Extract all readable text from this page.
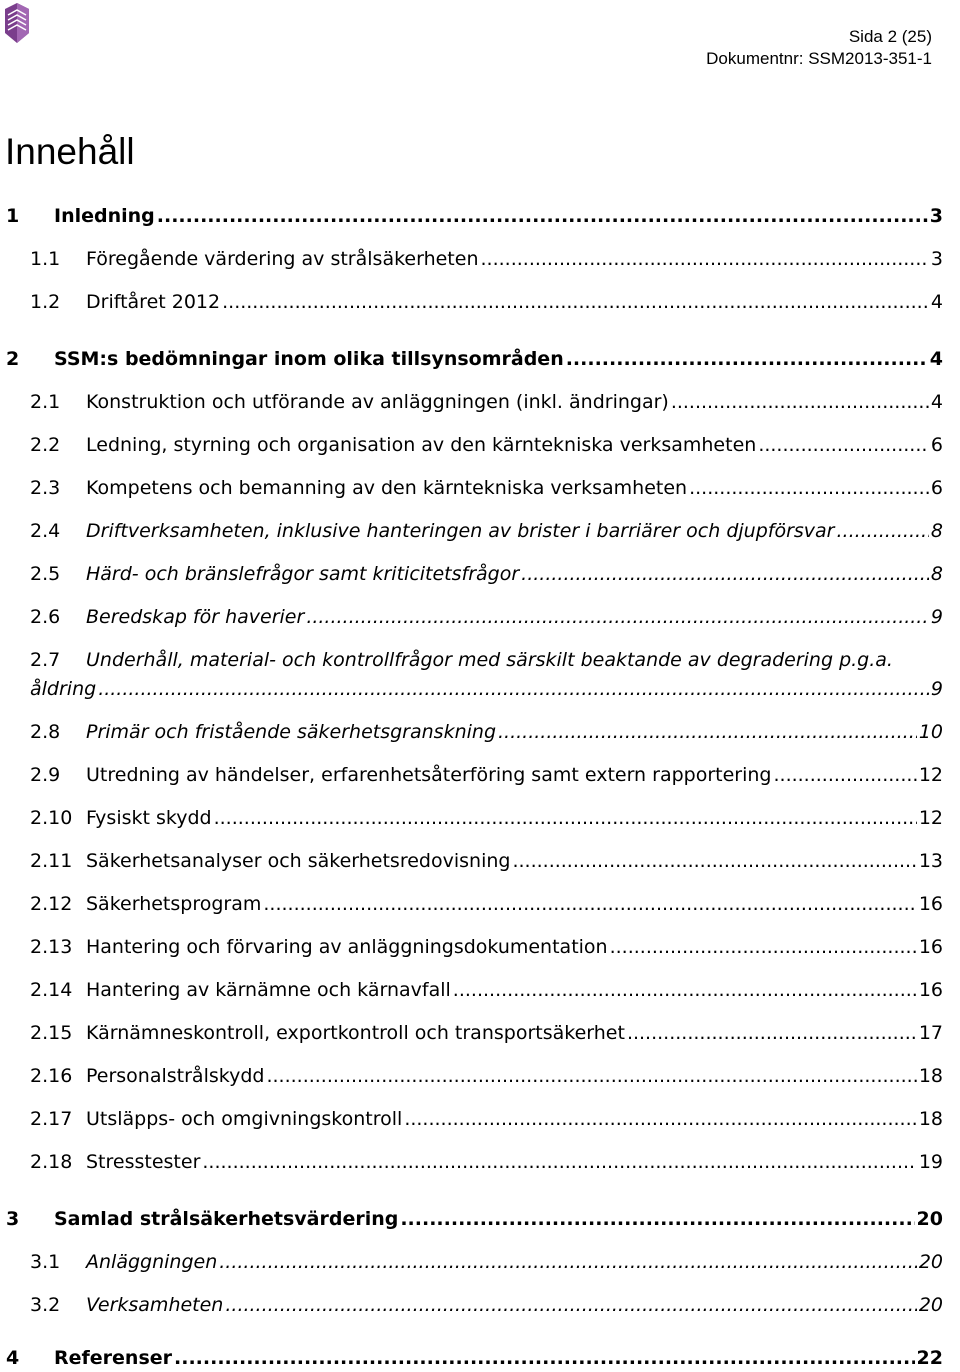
Sida 2 (25)
Dokumentnr: SSM2013-351-1
Innehåll
1	Inledning .....	3
1.1	Föregående värdering av strålsäkerheten .....	3
1.2	Driftåret 2012 .....	4
2	SSM:s bedömningar inom olika tillsynsområden .....	4
2.1	Konstruktion och utförande av anläggningen (inkl. ändringar) .....	4
2.2	Ledning, styrning och organisation av den kärntekniska verksamheten .....	6
2.3	Kompetens och bemanning av den kärntekniska verksamheten .....	6
2.4	Driftverksamheten, inklusive hanteringen av brister i barriärer och djupförsvar .....	8
2.5	Härd- och bränslefrågor samt kriticitetsfrågor .....	8
2.6	Beredskap för haverier .....	9
2.7	Underhåll, material- och kontrollfrågor med särskilt beaktande av degradering p.g.a.
åldring .....	9
2.8	Primär och fristående säkerhetsgranskning .....	10
2.9	Utredning av händelser, erfarenhetsåterföring samt extern rapportering .....	12
2.10 Fysiskt skydd .....	12
2.11 Säkerhetsanalyser och säkerhetsredovisning .....	13
2.12 Säkerhetsprogram .....	16
2.13 Hantering och förvaring av anläggningsdokumentation .....	16
2.14 Hantering av kärnämne och kärnavfall .....	16
2.15 Kärnämneskontroll, exportkontroll och transportsäkerhet .....	17
2.16 Personalstrålskydd .....	18
2.17 Utsläpps- och omgivningskontroll .....	18
2.18 Stresstester .....	19
3	Samlad strålsäkerhetsvärdering .....	20
3.1	Anläggningen .....	20
3.2	Verksamheten .....	20
4	Referenser .....	22
